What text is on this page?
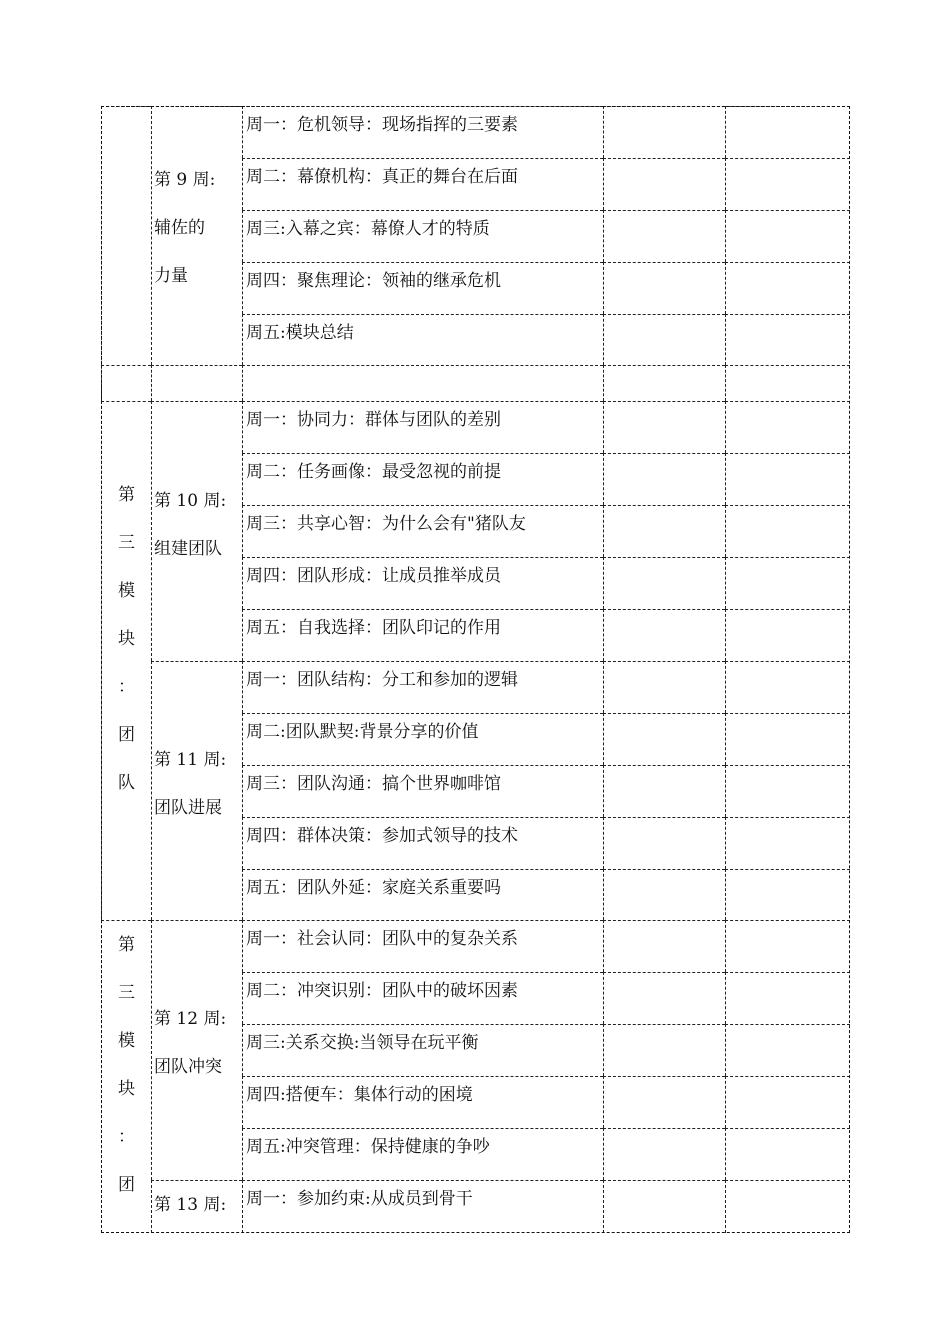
第 9 周:
辅佐的
力量
周一：危机领导：现场指挥的三要素
周二：幕僚机构：真正的舞台在后面
周三:入幕之宾：幕僚人才的特质
周四：聚焦理论：领袖的继承危机
周五:模块总结
第
三
模
块
：
团
队
第 10 周:
组建团队
周一：协同力：群体与团队的差别
周二：任务画像：最受忽视的前提
周三：共享心智：为什么会有"猪队友
周四：团队形成：让成员推举成员
周五：自我选择：团队印记的作用
第 11 周:
团队进展
周一：团队结构：分工和参加的逻辑
周二:团队默契:背景分享的价值
周三：团队沟通：搞个世界咖啡馆
周四：群体决策：参加式领导的技术
周五：团队外延：家庭关系重要吗
第
三
模
块
：
团
第 12 周:
团队冲突
周一：社会认同：团队中的复杂关系
周二：冲突识别：团队中的破坏因素
周三:关系交换:当领导在玩平衡
周四:搭便车：集体行动的困境
周五:冲突管理：保持健康的争吵
第 13 周:	周一：参加约束:从成员到骨干
